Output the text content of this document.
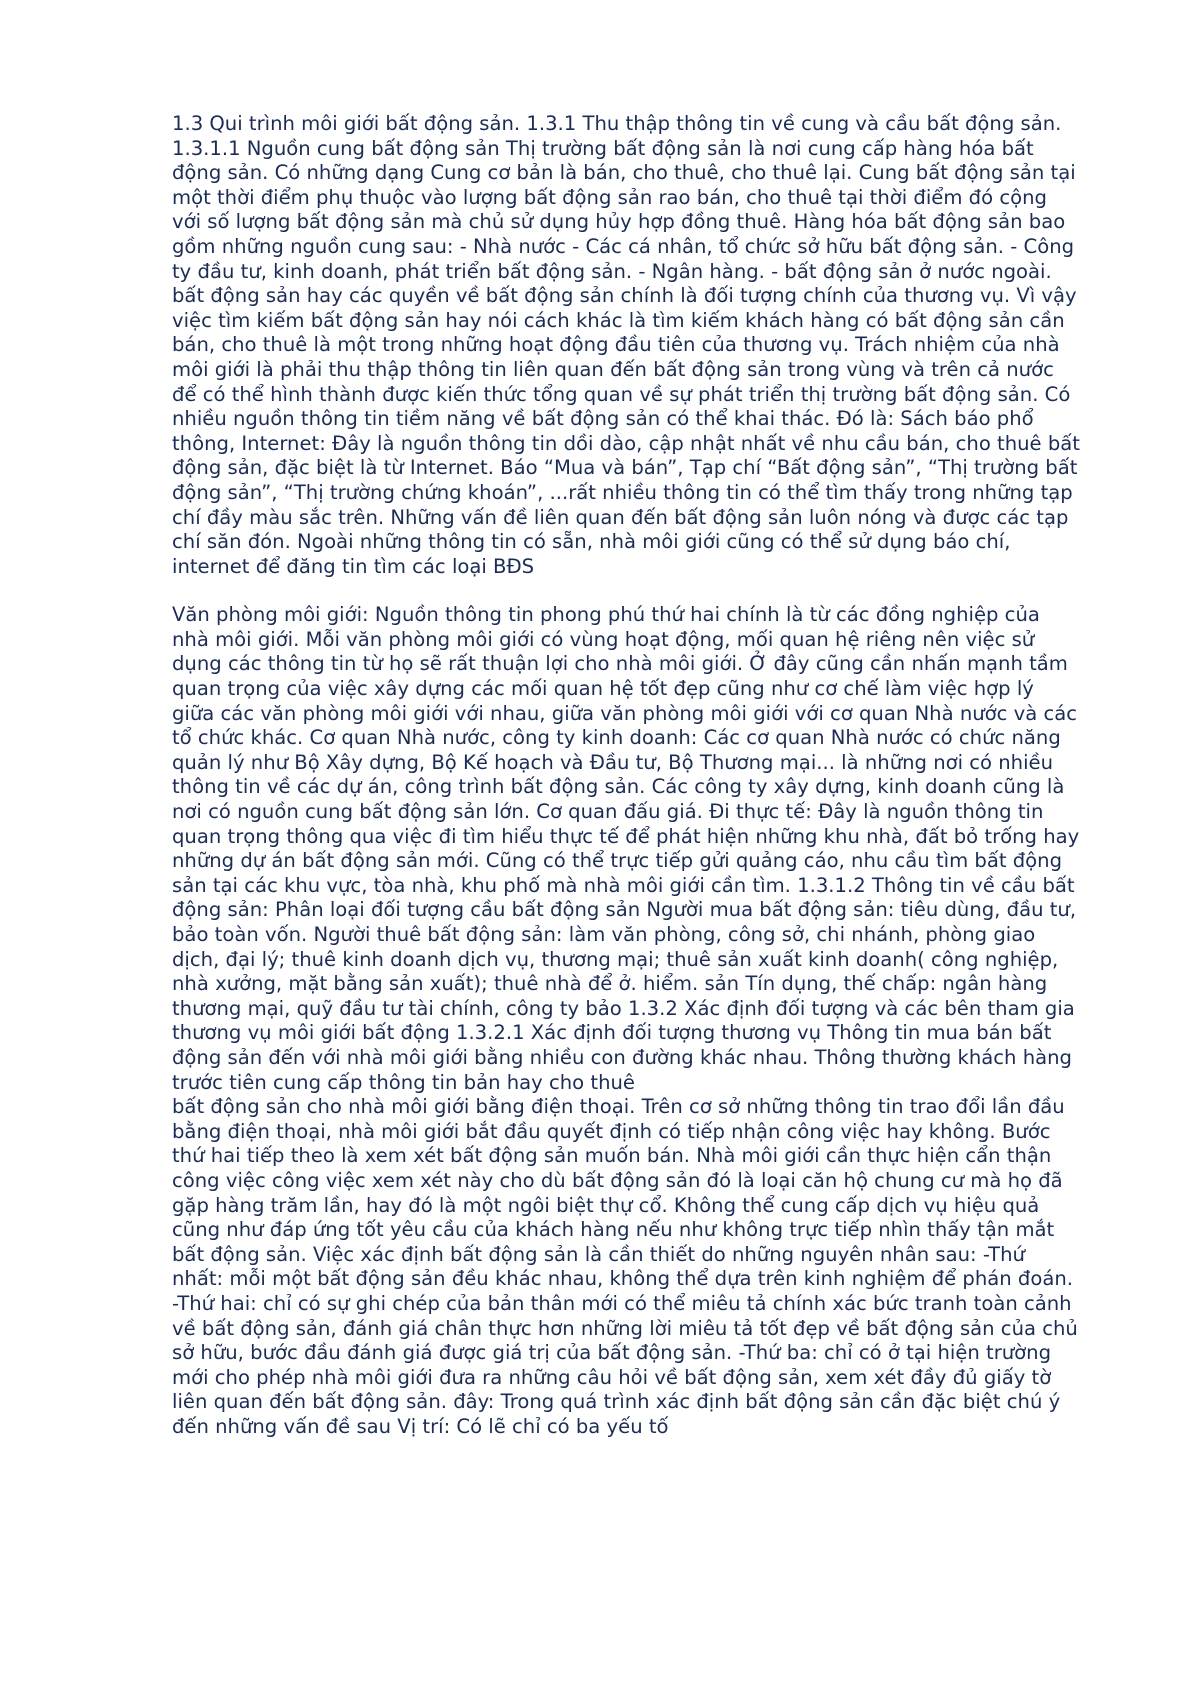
1.3 Qui trình môi giới bất động sản. 1.3.1 Thu thập thông tin về cung và cầu bất động sản. 1.3.1.1 Nguồn cung bất động sản Thị trường bất động sản là nơi cung cấp hàng hóa bất động sản. Có những dạng Cung cơ bản là bán, cho thuê, cho thuê lại. Cung bất động sản tại một thời điểm phụ thuộc vào lượng bất động sản rao bán, cho thuê tại thời điểm đó cộng với số lượng bất động sản mà chủ sử dụng hủy hợp đồng thuê. Hàng hóa bất động sản bao gồm những nguồn cung sau: - Nhà nước - Các cá nhân, tổ chức sở hữu bất động sản. - Công ty đầu tư, kinh doanh, phát triển bất động sản. - Ngân hàng. - bất động sản ở nước ngoài. bất động sản hay các quyền về bất động sản chính là đối tượng chính của thương vụ. Vì vậy việc tìm kiếm bất động sản hay nói cách khác là tìm kiếm khách hàng có bất động sản cần bán, cho thuê là một trong những hoạt động đầu tiên của thương vụ. Trách nhiệm của nhà môi giới là phải thu thập thông tin liên quan đến bất động sản trong vùng và trên cả nước để có thể hình thành được kiến thức tổng quan về sự phát triển thị trường bất động sản. Có nhiều nguồn thông tin tiềm năng về bất động sản có thể khai thác. Đó là: Sách báo phổ thông, Internet: Đây là nguồn thông tin dồi dào, cập nhật nhất về nhu cầu bán, cho thuê bất động sản, đặc biệt là từ Internet. Báo “Mua và bán”, Tạp chí “Bất động sản”, “Thị trường bất động sản”, “Thị trường chứng khoán”, ...rất nhiều thông tin có thể tìm thấy trong những tạp chí đầy màu sắc trên. Những vấn đề liên quan đến bất động sản luôn nóng và được các tạp chí săn đón. Ngoài những thông tin có sẵn, nhà môi giới cũng có thể sử dụng báo chí, internet để đăng tin tìm các loại BĐS

Văn phòng môi giới: Nguồn thông tin phong phú thứ hai chính là từ các đồng nghiệp của nhà môi giới. Mỗi văn phòng môi giới có vùng hoạt động, mối quan hệ riêng nên việc sử dụng các thông tin từ họ sẽ rất thuận lợi cho nhà môi giới. Ở đây cũng cần nhấn mạnh tầm quan trọng của việc xây dựng các mối quan hệ tốt đẹp cũng như cơ chế làm việc hợp lý giữa các văn phòng môi giới với nhau, giữa văn phòng môi giới với cơ quan Nhà nước và các tổ chức khác. Cơ quan Nhà nước, công ty kinh doanh: Các cơ quan Nhà nước có chức năng quản lý như Bộ Xây dựng, Bộ Kế hoạch và Đầu tư, Bộ Thương mại... là những nơi có nhiều thông tin về các dự án, công trình bất động sản. Các công ty xây dựng, kinh doanh cũng là nơi có nguồn cung bất động sản lớn. Cơ quan đấu giá. Đi thực tế: Đây là nguồn thông tin quan trọng thông qua việc đi tìm hiểu thực tế để phát hiện những khu nhà, đất bỏ trống hay những dự án bất động sản mới. Cũng có thể trực tiếp gửi quảng cáo, nhu cầu tìm bất động sản tại các khu vực, tòa nhà, khu phố mà nhà môi giới cần tìm. 1.3.1.2 Thông tin về cầu bất động sản: Phân loại đối tượng cầu bất động sản Người mua bất động sản: tiêu dùng, đầu tư, bảo toàn vốn. Người thuê bất động sản: làm văn phòng, công sở, chi nhánh, phòng giao dịch, đại lý; thuê kinh doanh dịch vụ, thương mại; thuê sản xuất kinh doanh( công nghiệp, nhà xưởng, mặt bằng sản xuất); thuê nhà để ở. hiểm. sản Tín dụng, thế chấp: ngân hàng thương mại, quỹ đầu tư tài chính, công ty bảo 1.3.2 Xác định đối tượng và các bên tham gia thương vụ môi giới bất động 1.3.2.1 Xác định đối tượng thương vụ Thông tin mua bán bất động sản đến với nhà môi giới bằng nhiều con đường khác nhau. Thông thường khách hàng trước tiên cung cấp thông tin bản hay cho thuê

bất động sản cho nhà môi giới bằng điện thoại. Trên cơ sở những thông tin trao đổi lần đầu bằng điện thoại, nhà môi giới bắt đầu quyết định có tiếp nhận công việc hay không. Bước thứ hai tiếp theo là xem xét bất động sản muốn bán. Nhà môi giới cần thực hiện cẩn thận công việc công việc xem xét này cho dù bất động sản đó là loại căn hộ chung cư mà họ đã gặp hàng trăm lần, hay đó là một ngôi biệt thự cổ. Không thể cung cấp dịch vụ hiệu quả cũng như đáp ứng tốt yêu cầu của khách hàng nếu như không trực tiếp nhìn thấy tận mắt bất động sản. Việc xác định bất động sản là cần thiết do những nguyên nhân sau: -Thứ nhất: mỗi một bất động sản đều khác nhau, không thể dựa trên kinh nghiệm để phán đoán. -Thứ hai: chỉ có sự ghi chép của bản thân mới có thể miêu tả chính xác bức tranh toàn cảnh về bất động sản, đánh giá chân thực hơn những lời miêu tả tốt đẹp về bất động sản của chủ sở hữu, bước đầu đánh giá được giá trị của bất động sản. -Thứ ba: chỉ có ở tại hiện trường mới cho phép nhà môi giới đưa ra những câu hỏi về bất động sản, xem xét đầy đủ giấy tờ liên quan đến bất động sản. đây: Trong quá trình xác định bất động sản cần đặc biệt chú ý đến những vấn đề sau Vị trí: Có lẽ chỉ có ba yếu tố
